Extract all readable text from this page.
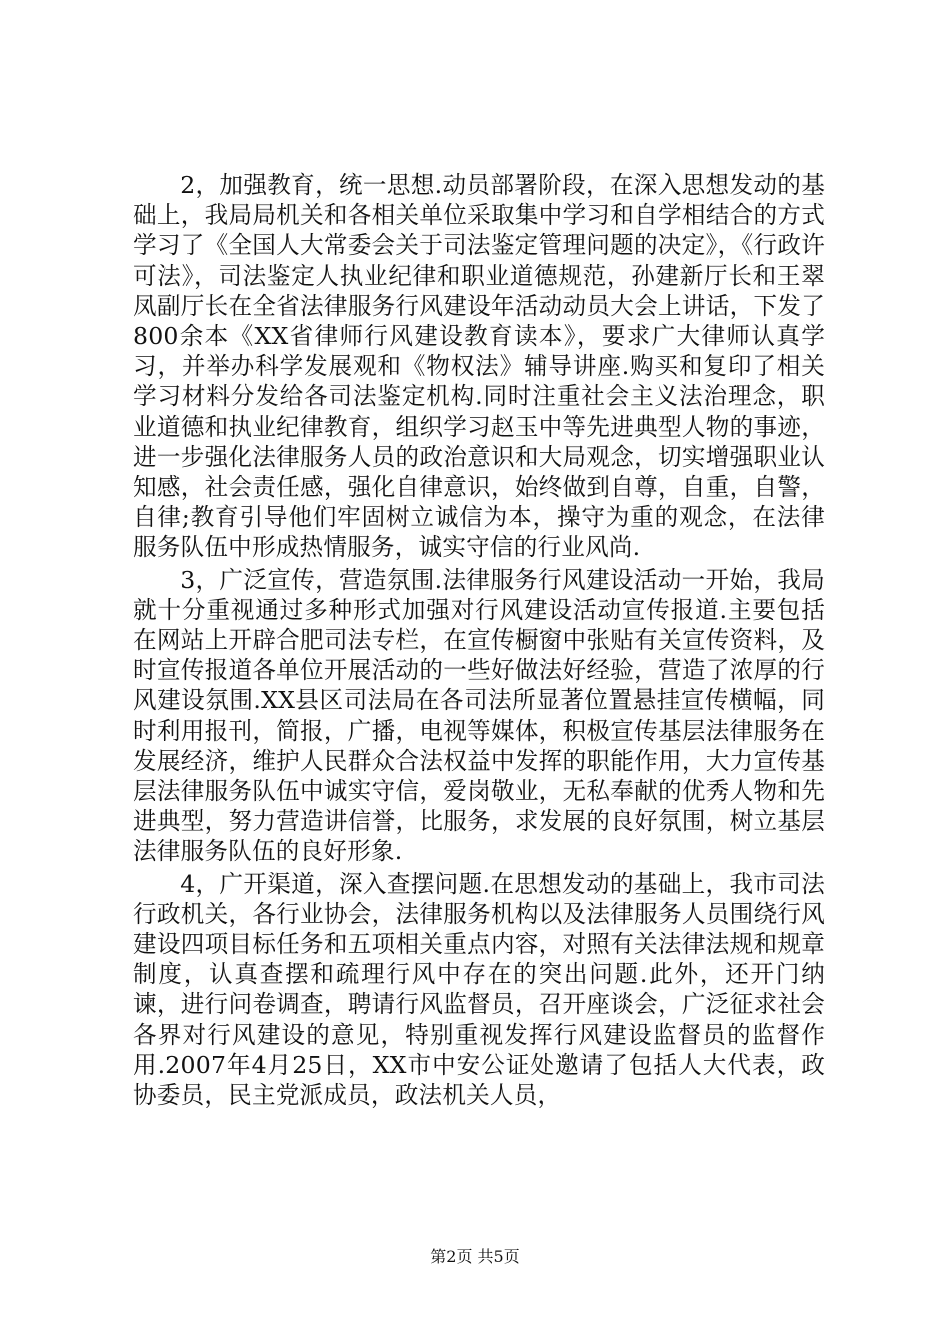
2，加强教育，统一思想.动员部署阶段，在深入思想发动的基础上，我局局机关和各相关单位采取集中学习和自学相结合的方式学习了《全国人大常委会关于司法鉴定管理问题的决定》，《行政许可法》，司法鉴定人执业纪律和职业道德规范，孙建新厅长和王翠凤副厅长在全省法律服务行风建设年活动动员大会上讲话，下发了800余本《XX省律师行风建设教育读本》，要求广大律师认真学习，并举办科学发展观和《物权法》辅导讲座.购买和复印了相关学习材料分发给各司法鉴定机构.同时注重社会主义法治理念，职业道德和执业纪律教育，组织学习赵玉中等先进典型人物的事迹，进一步强化法律服务人员的政治意识和大局观念，切实增强职业认知感，社会责任感，强化自律意识，始终做到自尊，自重，自警，自律;教育引导他们牢固树立诚信为本，操守为重的观念，在法律服务队伍中形成热情服务，诚实守信的行业风尚.

3，广泛宣传，营造氛围.法律服务行风建设活动一开始，我局就十分重视通过多种形式加强对行风建设活动宣传报道.主要包括在网站上开辟合肥司法专栏，在宣传橱窗中张贴有关宣传资料，及时宣传报道各单位开展活动的一些好做法好经验，营造了浓厚的行风建设氛围.XX县区司法局在各司法所显著位置悬挂宣传横幅，同时利用报刊，简报，广播，电视等媒体，积极宣传基层法律服务在发展经济，维护人民群众合法权益中发挥的职能作用，大力宣传基层法律服务队伍中诚实守信，爱岗敬业，无私奉献的优秀人物和先进典型，努力营造讲信誉，比服务，求发展的良好氛围，树立基层法律服务队伍的良好形象.

4，广开渠道，深入查摆问题.在思想发动的基础上，我市司法行政机关，各行业协会，法律服务机构以及法律服务人员围绕行风建设四项目标任务和五项相关重点内容，对照有关法律法规和规章制度，认真查摆和疏理行风中存在的突出问题.此外，还开门纳谏，进行问卷调查，聘请行风监督员，召开座谈会，广泛征求社会各界对行风建设的意见，特别重视发挥行风建设监督员的监督作用.2007年4月25日，XX市中安公证处邀请了包括人大代表，政协委员，民主党派成员，政法机关人员，

第2页 共5页
